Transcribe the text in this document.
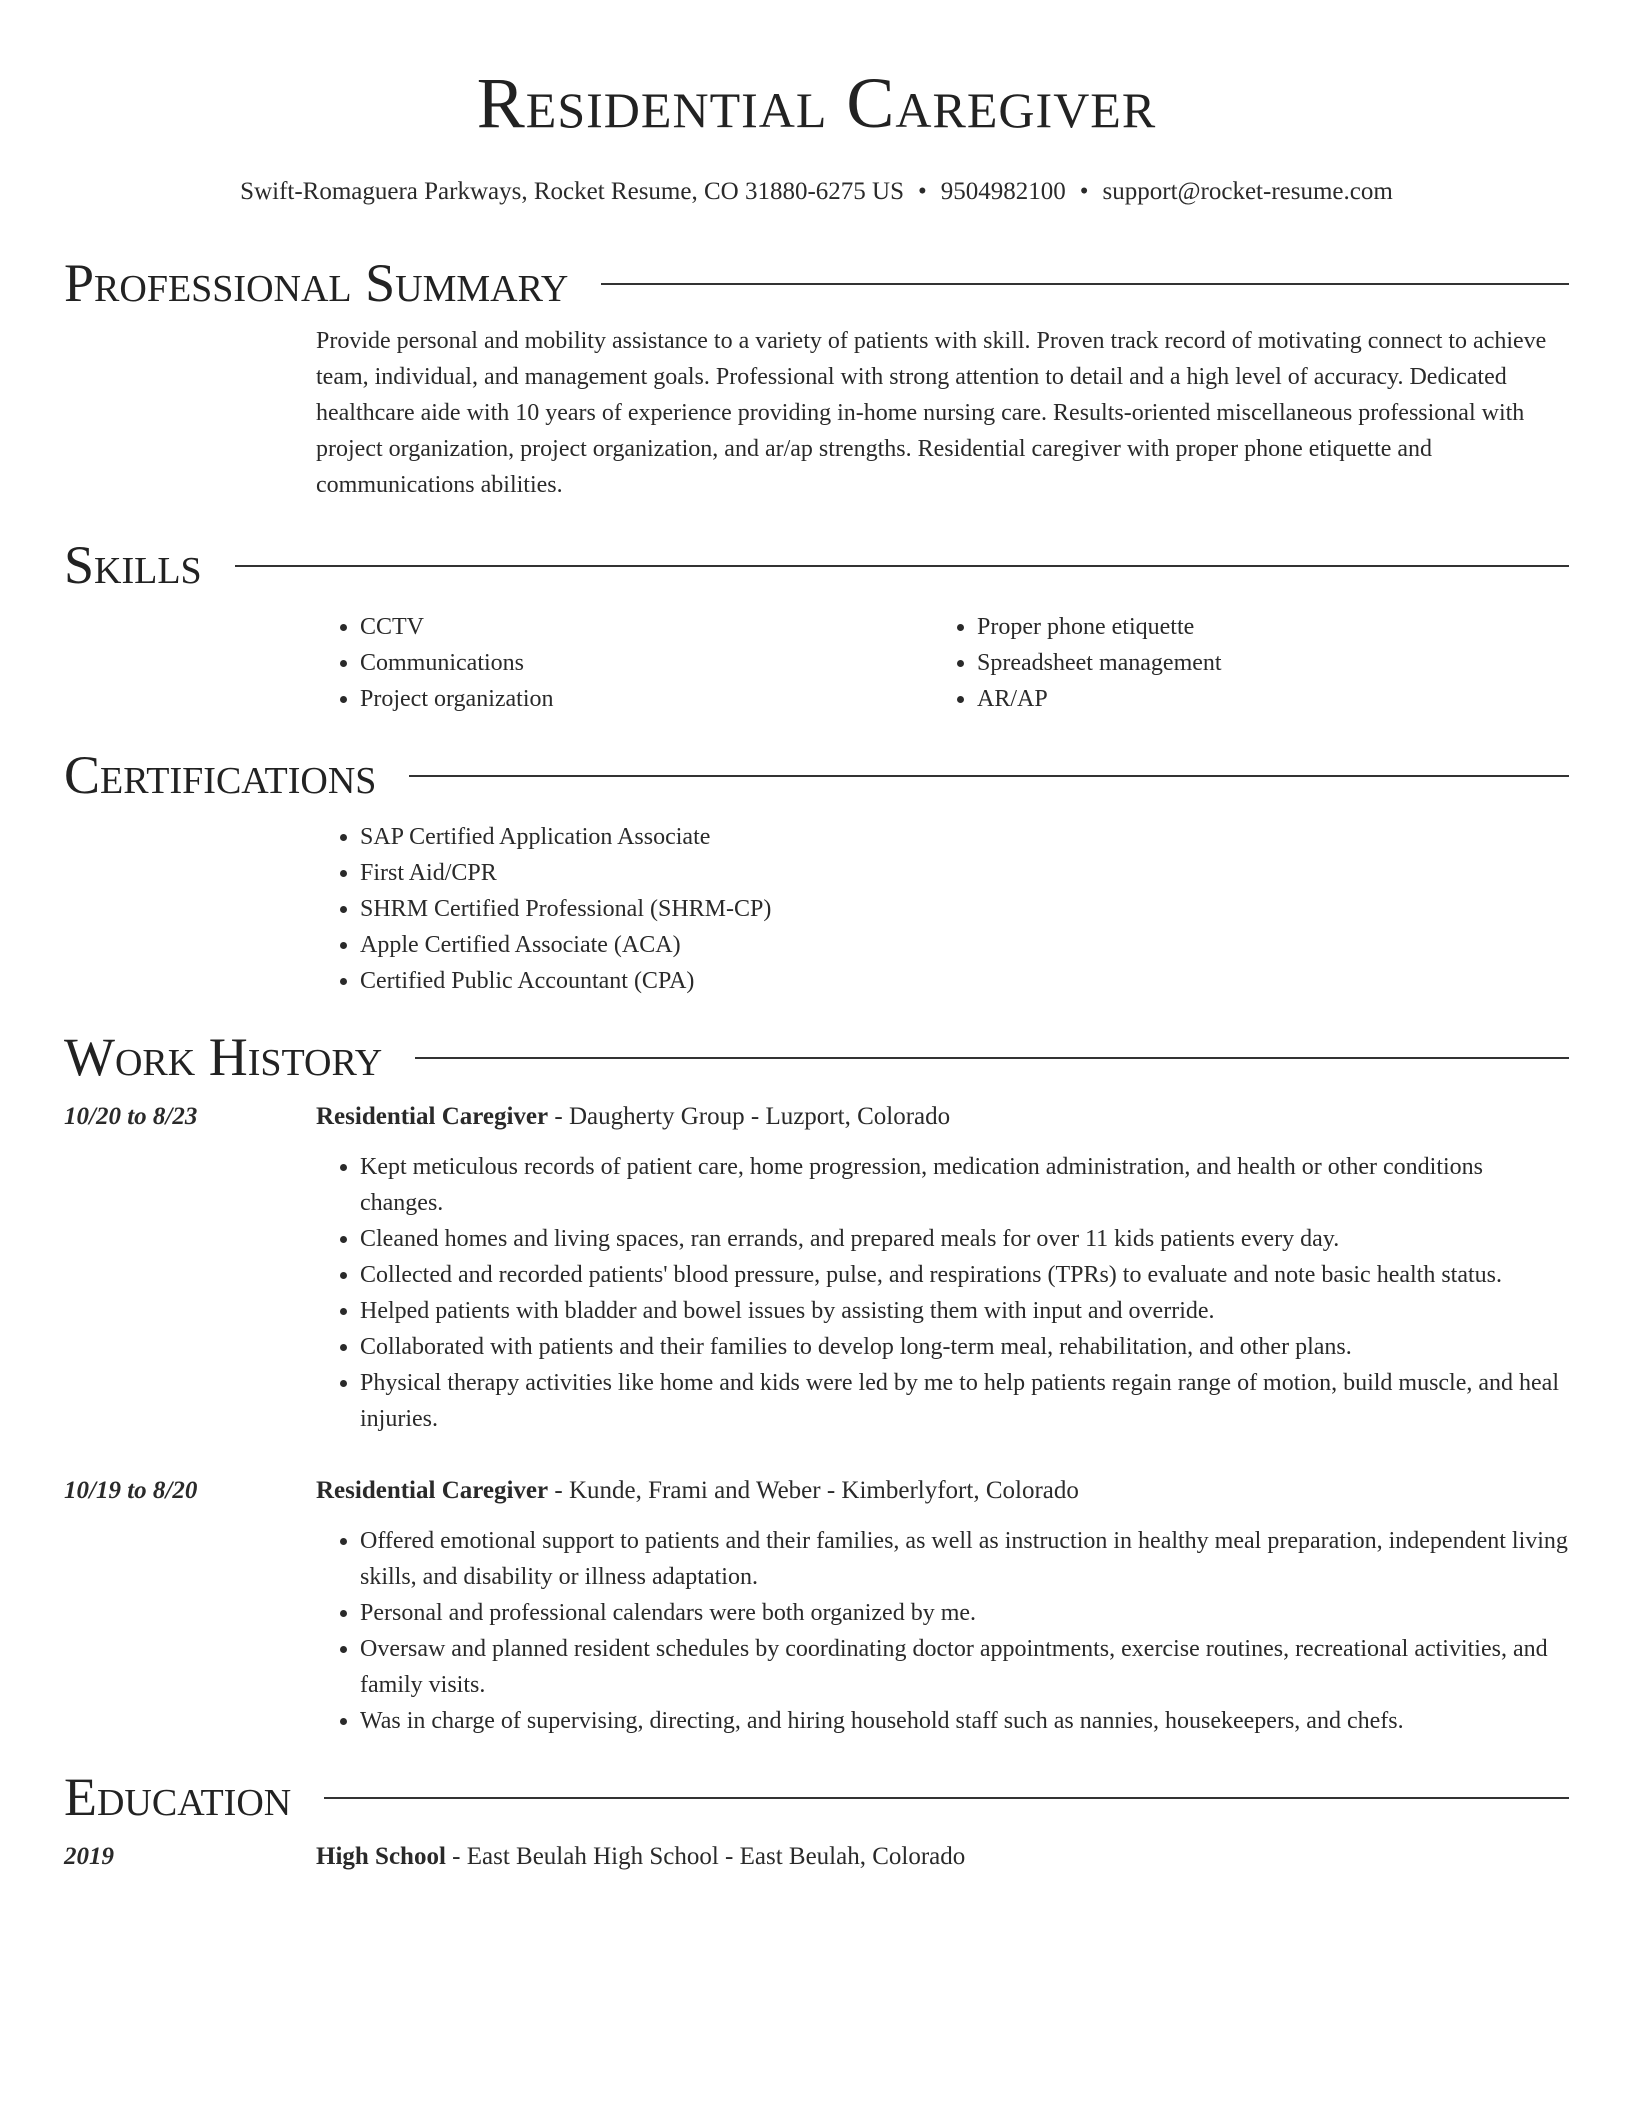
Residential Caregiver
Swift-Romaguera Parkways, Rocket Resume, CO 31880-6275 US • 9504982100 • support@rocket-resume.com
Professional Summary
Provide personal and mobility assistance to a variety of patients with skill. Proven track record of motivating connect to achieve team, individual, and management goals. Professional with strong attention to detail and a high level of accuracy. Dedicated healthcare aide with 10 years of experience providing in-home nursing care. Results-oriented miscellaneous professional with project organization, project organization, and ar/ap strengths. Residential caregiver with proper phone etiquette and communications abilities.
Skills
• CCTV
• Communications
• Project organization
• Proper phone etiquette
• Spreadsheet management
• AR/AP
Certifications
• SAP Certified Application Associate
• First Aid/CPR
• SHRM Certified Professional (SHRM-CP)
• Apple Certified Associate (ACA)
• Certified Public Accountant (CPA)
Work History
10/20 to 8/23	Residential Caregiver - Daugherty Group - Luzport, Colorado
• Kept meticulous records of patient care, home progression, medication administration, and health or other conditions changes.
• Cleaned homes and living spaces, ran errands, and prepared meals for over 11 kids patients every day.
• Collected and recorded patients' blood pressure, pulse, and respirations (TPRs) to evaluate and note basic health status.
• Helped patients with bladder and bowel issues by assisting them with input and override.
• Collaborated with patients and their families to develop long-term meal, rehabilitation, and other plans.
• Physical therapy activities like home and kids were led by me to help patients regain range of motion, build muscle, and heal injuries.
10/19 to 8/20	Residential Caregiver - Kunde, Frami and Weber - Kimberlyfort, Colorado
• Offered emotional support to patients and their families, as well as instruction in healthy meal preparation, independent living skills, and disability or illness adaptation.
• Personal and professional calendars were both organized by me.
• Oversaw and planned resident schedules by coordinating doctor appointments, exercise routines, recreational activities, and family visits.
• Was in charge of supervising, directing, and hiring household staff such as nannies, housekeepers, and chefs.
Education
2019	High School - East Beulah High School - East Beulah, Colorado
